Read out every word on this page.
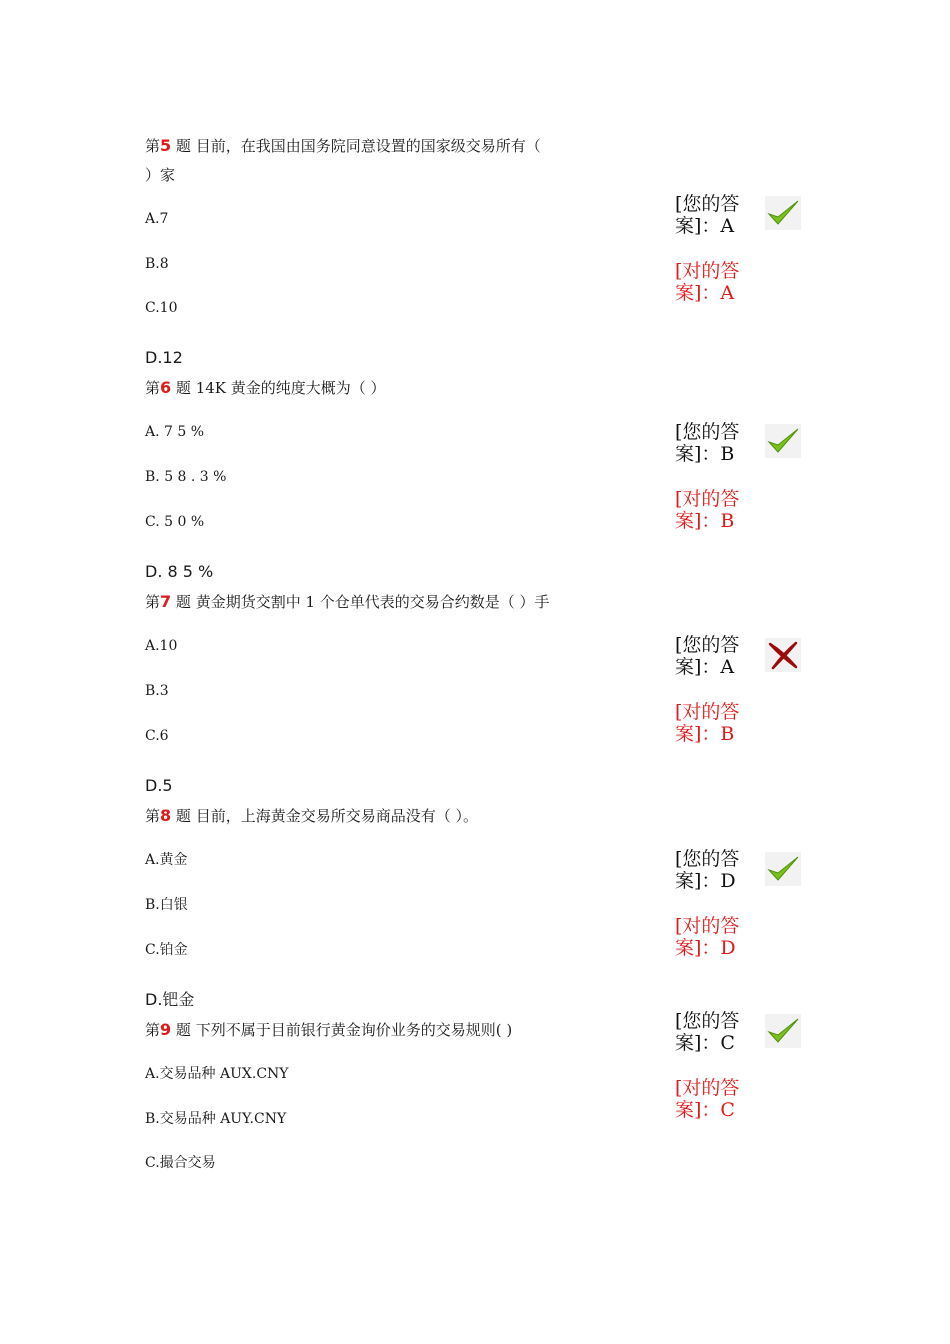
第5 题 目前，在我国由国务院同意设置的国家级交易所有（
）家
A.7
B.8
C.10
D.12
[您的答案]：A
[对的答案]：A
第6 题 14K 黄金的纯度大概为（ ）
A. 7 5 %
B. 5 8 . 3 %
C. 5 0 %
D. 8 5 %
[您的答案]：B
[对的答案]：B
第7 题 黄金期货交割中 1 个仓单代表的交易合约数是（ ）手
A.10
B.3
C.6
D.5
[您的答案]：A
[对的答案]：B
第8 题 目前，上海黄金交易所交易商品没有（ ）。
A.黄金
B.白银
C.铂金
D.钯金
[您的答案]：D
[对的答案]：D
第9 题 下列不属于目前银行黄金询价业务的交易规则( )
A.交易品种 AUX.CNY
B.交易品种 AUY.CNY
C.撮合交易
[您的答案]：C
[对的答案]：C
